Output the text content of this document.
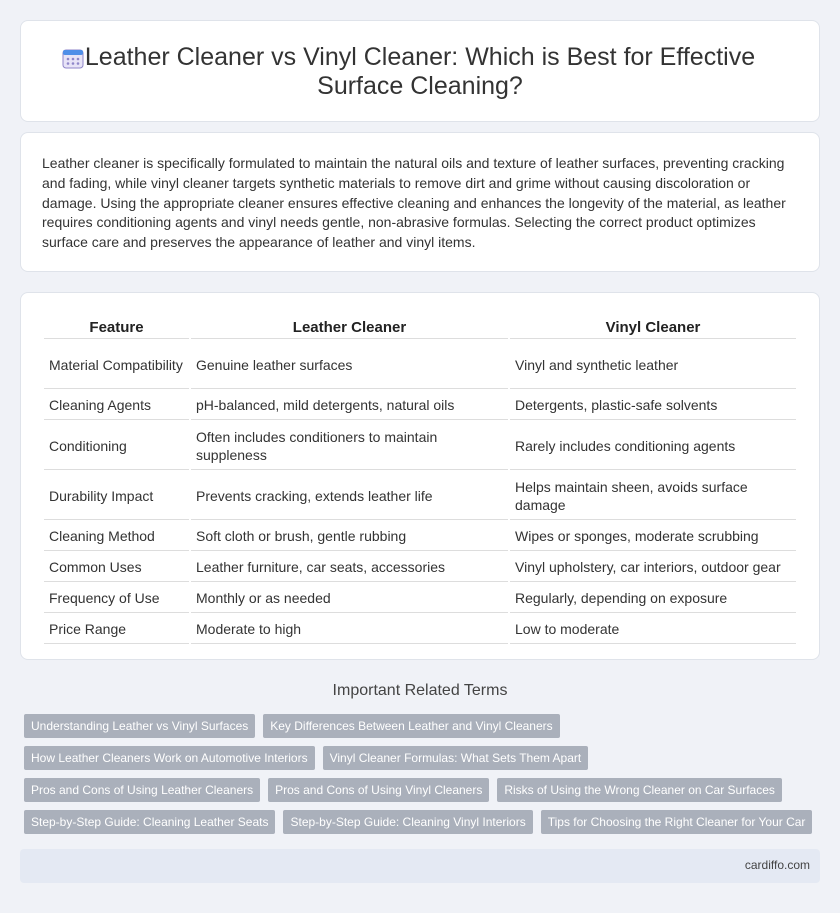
Leather Cleaner vs Vinyl Cleaner: Which is Best for Effective Surface Cleaning?

Leather cleaner is specifically formulated to maintain the natural oils and texture of leather surfaces, preventing cracking and fading, while vinyl cleaner targets synthetic materials to remove dirt and grime without causing discoloration or damage. Using the appropriate cleaner ensures effective cleaning and enhances the longevity of the material, as leather requires conditioning agents and vinyl needs gentle, non-abrasive formulas. Selecting the correct product optimizes surface care and preserves the appearance of leather and vinyl items.

Feature	Leather Cleaner	Vinyl Cleaner
Material Compatibility	Genuine leather surfaces	Vinyl and synthetic leather
Cleaning Agents	pH-balanced, mild detergents, natural oils	Detergents, plastic-safe solvents
Conditioning	Often includes conditioners to maintain suppleness	Rarely includes conditioning agents
Durability Impact	Prevents cracking, extends leather life	Helps maintain sheen, avoids surface damage
Cleaning Method	Soft cloth or brush, gentle rubbing	Wipes or sponges, moderate scrubbing
Common Uses	Leather furniture, car seats, accessories	Vinyl upholstery, car interiors, outdoor gear
Frequency of Use	Monthly or as needed	Regularly, depending on exposure
Price Range	Moderate to high	Low to moderate
Important Related Terms
Understanding Leather vs Vinyl Surfaces	Key Differences Between Leather and Vinyl Cleaners
How Leather Cleaners Work on Automotive Interiors	Vinyl Cleaner Formulas: What Sets Them Apart
Pros and Cons of Using Leather Cleaners	Pros and Cons of Using Vinyl Cleaners	Risks of Using the Wrong Cleaner on Car Surfaces
Step-by-Step Guide: Cleaning Leather Seats	Step-by-Step Guide: Cleaning Vinyl Interiors	Tips for Choosing the Right Cleaner for Your Car
cardiffo.com
